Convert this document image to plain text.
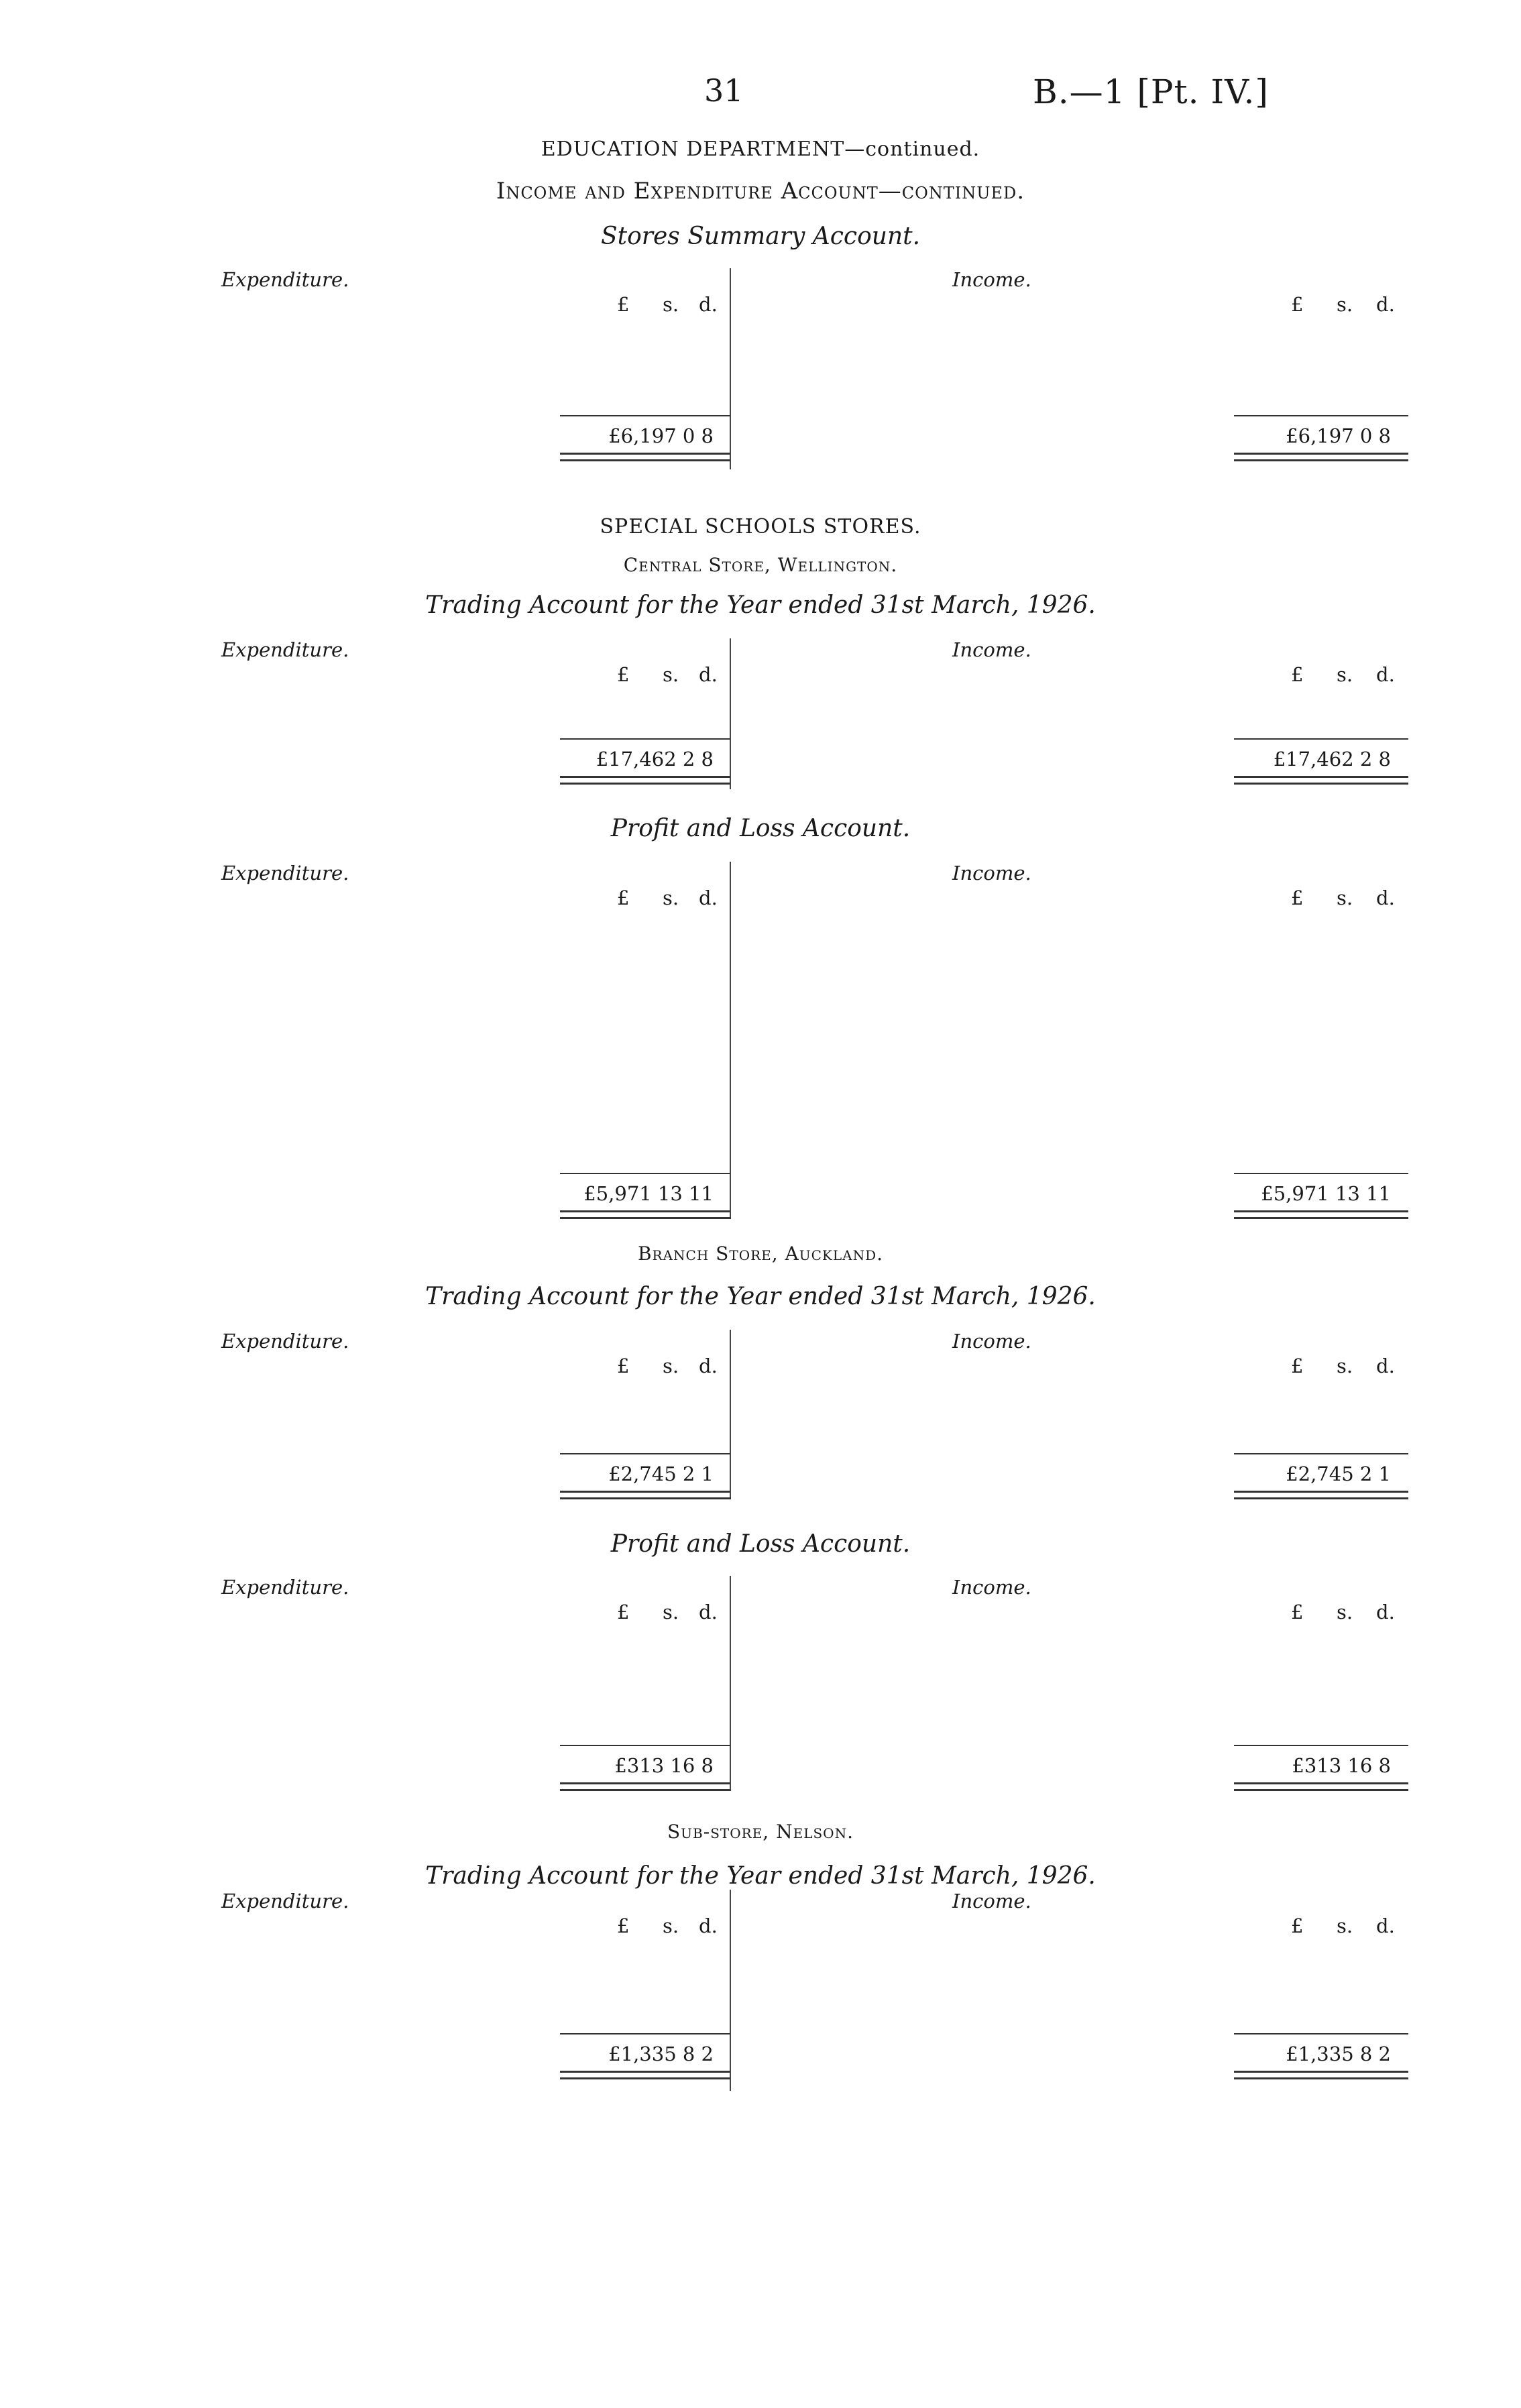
31	B.—1 [Pt. IV.]
EDUCATION DEPARTMENT—continued.
Income and Expenditure Account—continued.
Stores Summary Account.
Expenditure.
£ s. d.
£6,197 0 8
Income.
£ s. d.
£6,197 0 8
SPECIAL SCHOOLS STORES.
Central Store, Wellington.
Trading Account for the Year ended 31st March, 1926.
Expenditure.
£ s. d.
£17,462 2 8
Income.
£ s. d.
£17,462 2 8
Profit and Loss Account.
Expenditure.
£ s. d.
£5,971 13 11
Income.
£ s. d.
£5,971 13 11
Branch Store, Auckland.
Trading Account for the Year ended 31st March, 1926.
Expenditure.
£ s. d.
£2,745 2 1
Income.
£ s. d.
£2,745 2 1
Profit and Loss Account.
Expenditure.
£ s. d.
£313 16 8
Income.
£ s. d.
£313 16 8
Sub-store, Nelson.
Trading Account for the Year ended 31st March, 1926.
Expenditure.
£ s. d.
£1,335 8 2
Income.
£ s. d.
£1,335 8 2
